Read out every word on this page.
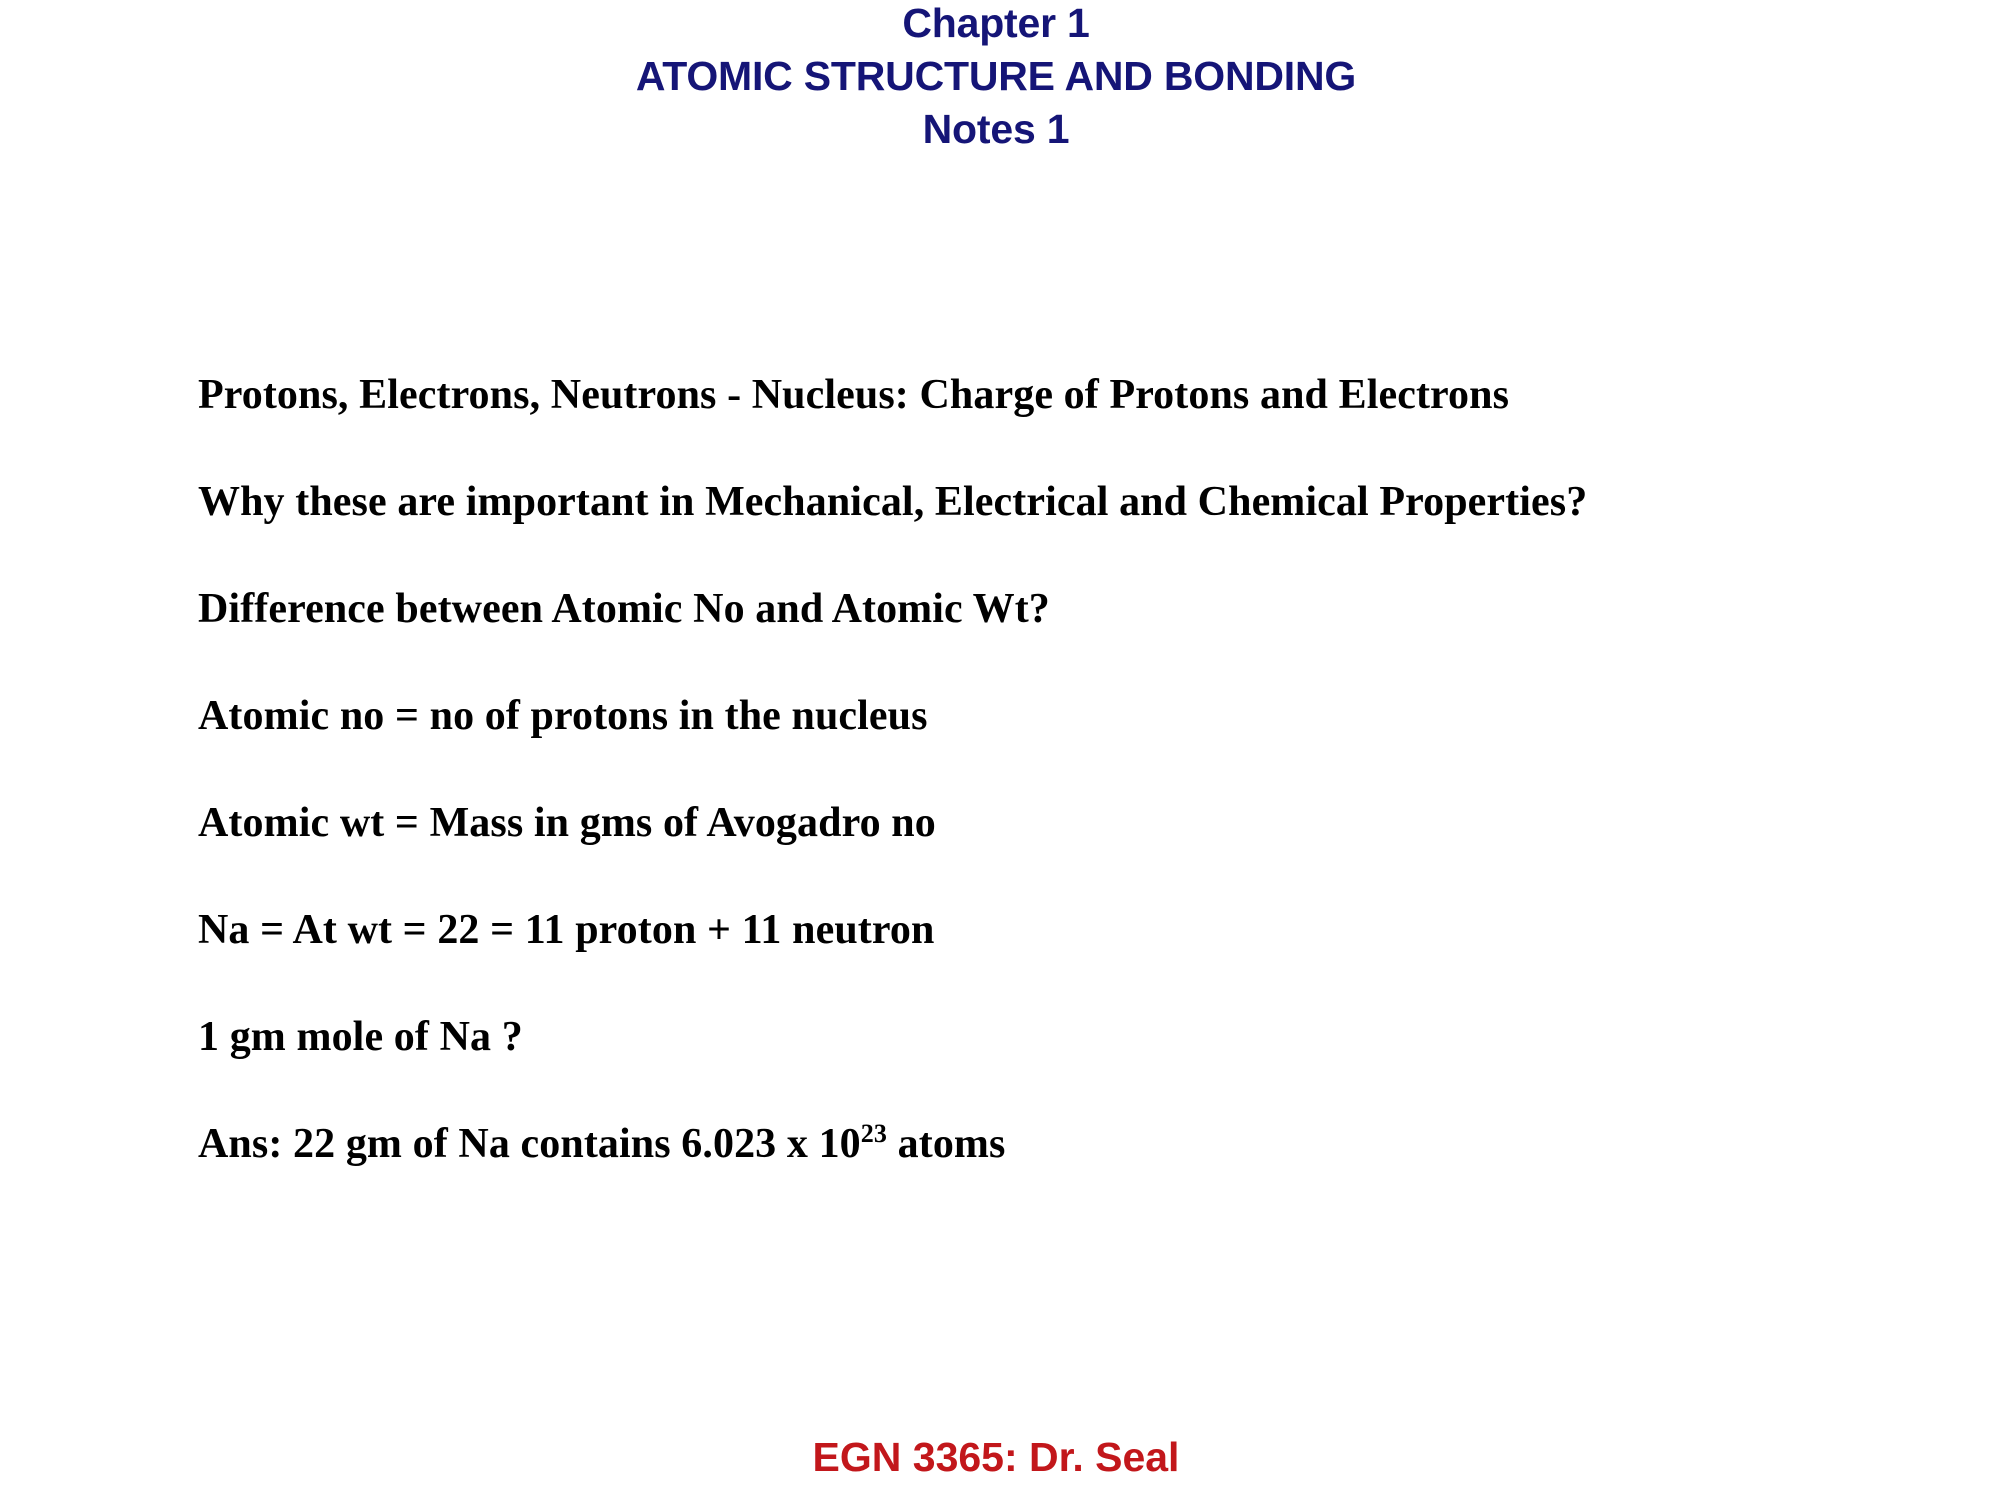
Chapter 1
ATOMIC STRUCTURE AND BONDING
Notes 1

Protons, Electrons, Neutrons - Nucleus: Charge of Protons and Electrons

Why these are important in Mechanical, Electrical and Chemical Properties?

Difference between Atomic No and Atomic Wt?

Atomic no = no of protons in the nucleus

Atomic wt = Mass in gms of Avogadro no

Na = At wt = 22 = 11 proton + 11 neutron

1 gm mole of Na ?

Ans: 22 gm of Na contains 6.023 x $10^{23}$ atoms

EGN 3365: Dr. Seal
